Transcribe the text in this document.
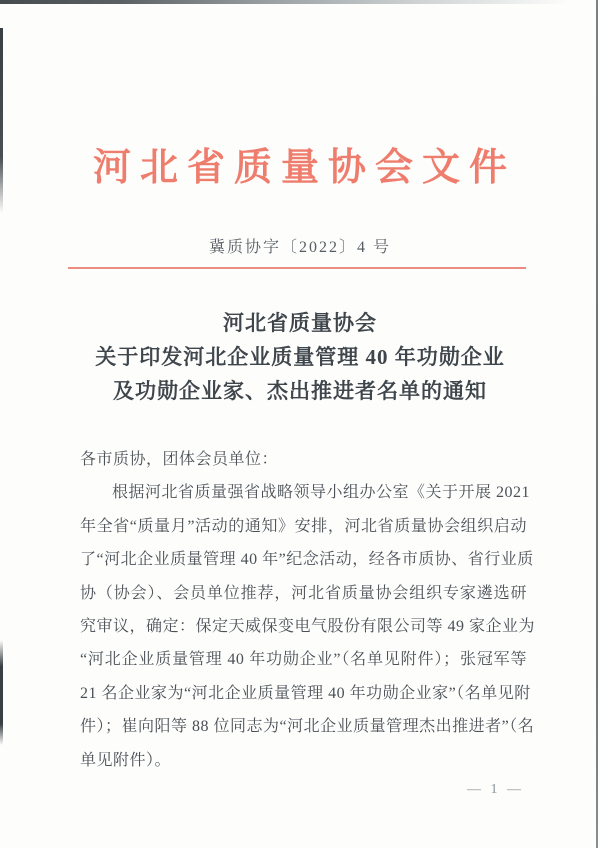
河北省质量协会文件
冀质协字〔2022〕4 号
河北省质量协会
关于印发河北企业质量管理 40 年功勋企业
及功勋企业家、杰出推进者名单的通知
各市质协，团体会员单位：
根据河北省质量强省战略领导小组办公室《关于开展 2021
年全省“质量月”活动的通知》安排，河北省质量协会组织启动
了“河北企业质量管理 40 年”纪念活动，经各市质协、省行业质
协（协会）、会员单位推荐，河北省质量协会组织专家遴选研
究审议，确定：保定天威保变电气股份有限公司等 49 家企业为
“河北企业质量管理 40 年功勋企业”（名单见附件）；张冠军等
21 名企业家为“河北企业质量管理 40 年功勋企业家”（名单见附
件）；崔向阳等 88 位同志为“河北企业质量管理杰出推进者”（名
单见附件）。
— 1 —
